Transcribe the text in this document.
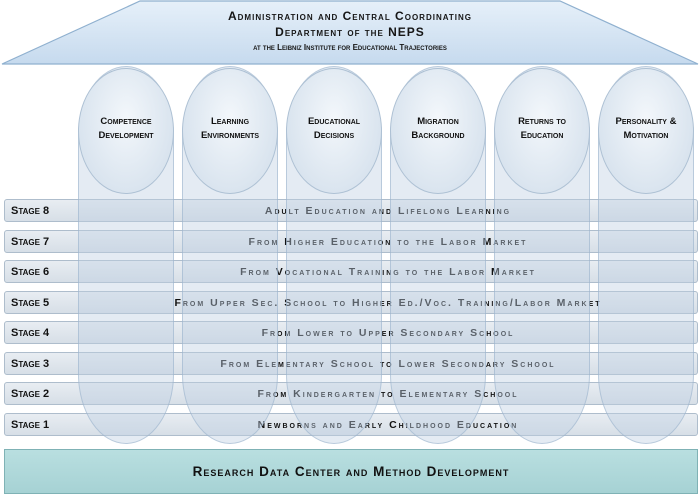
Administration and Central Coordinating
Department of the NEPS
at the Leibniz Institute for Educational Trajectories
Stage 8	Adult Education and Lifelong Learning
Stage 7	From Higher Education to the Labor Market
Stage 6	From Vocational Training to the Labor Market
Stage 5	From Upper Sec. School to Higher Ed./Voc. Training/Labor Market
Stage 4	From Lower to Upper Secondary School
Stage 3	From Elementary School to Lower Secondary School
Stage 2	From Kindergarten to Elementary School
Stage 1	Newborns and Early Childhood Education
Competence
Development
Learning
Environments
Educational
Decisions
Migration
Background
Returns to
Education
Personality &
Motivation
Research Data Center and Method Development
